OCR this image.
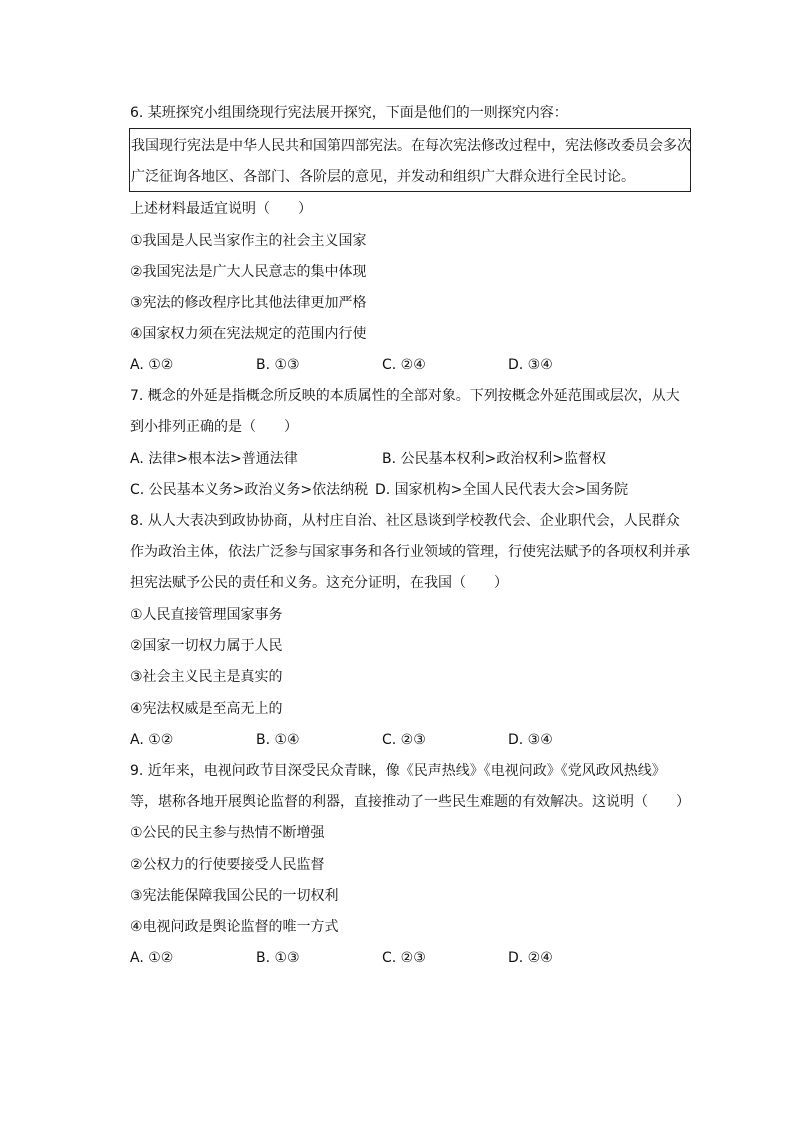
6. 某班探究小组围绕现行宪法展开探究，下面是他们的一则探究内容：
我国现行宪法是中华人民共和国第四部宪法。在每次宪法修改过程中，宪法修改委员会多次
广泛征询各地区、各部门、各阶层的意见，并发动和组织广大群众进行全民讨论。
上述材料最适宜说明（　　）
①我国是人民当家作主的社会主义国家
②我国宪法是广大人民意志的集中体现
③宪法的修改程序比其他法律更加严格
④国家权力须在宪法规定的范围内行使
A. ①②	B. ①③	C. ②④	D. ③④
7. 概念的外延是指概念所反映的本质属性的全部对象。下列按概念外延范围或层次，从大
到小排列正确的是（　　）
A. 法律>根本法>普通法律	B. 公民基本权利>政治权利>监督权
C. 公民基本义务>政治义务>依法纳税 D. 国家机构>全国人民代表大会>国务院
8. 从人大表决到政协协商，从村庄自治、社区恳谈到学校教代会、企业职代会，人民群众
作为政治主体，依法广泛参与国家事务和各行业领域的管理，行使宪法赋予的各项权利并承
担宪法赋予公民的责任和义务。这充分证明，在我国（　　）
①人民直接管理国家事务
②国家一切权力属于人民
③社会主义民主是真实的
④宪法权威是至高无上的
A. ①②	B. ①④	C. ②③	D. ③④
9. 近年来，电视问政节目深受民众青睐，像《民声热线》《电视问政》《党风政风热线》
等，堪称各地开展舆论监督的利器，直接推动了一些民生难题的有效解决。这说明（　　）
①公民的民主参与热情不断增强
②公权力的行使要接受人民监督
③宪法能保障我国公民的一切权利
④电视问政是舆论监督的唯一方式
A. ①②	B. ①③	C. ②③	D. ②④
